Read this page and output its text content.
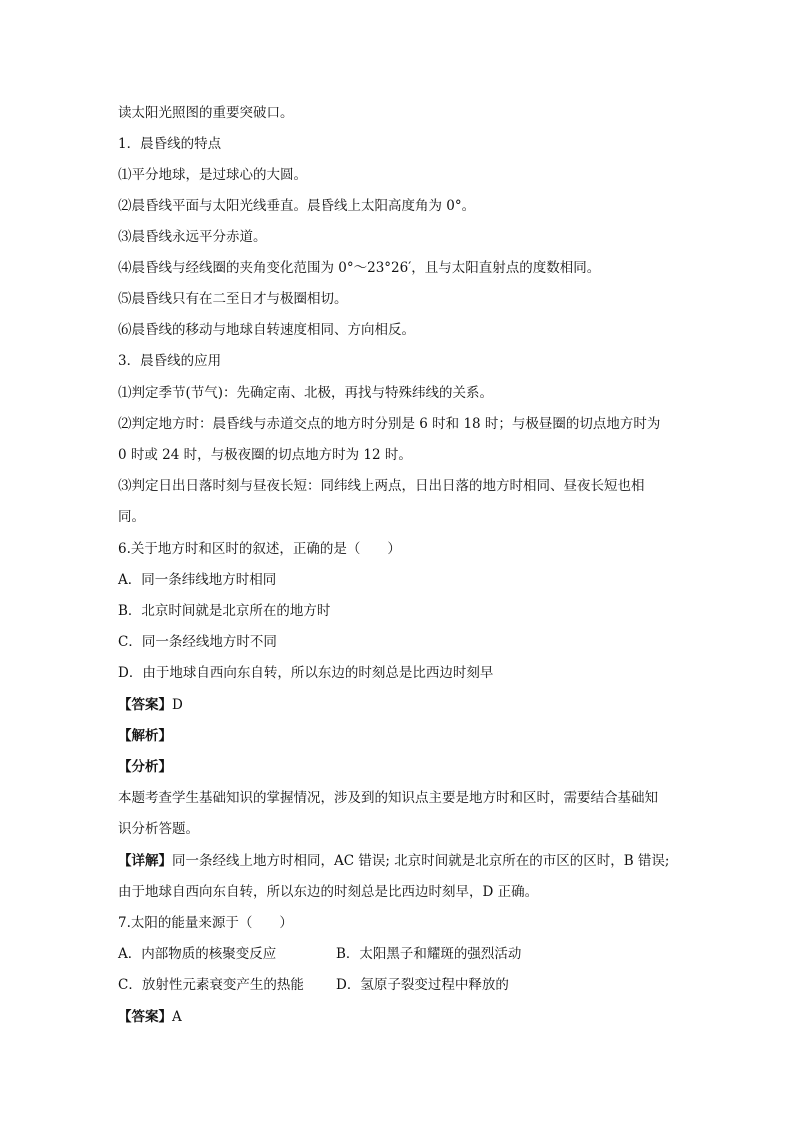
读太阳光照图的重要突破口。
1．晨昏线的特点
⑴平分地球，是过球心的大圆。
⑵晨昏线平面与太阳光线垂直。晨昏线上太阳高度角为 0°。
⑶晨昏线永远平分赤道。
⑷晨昏线与经线圈的夹角变化范围为 0°～23°26′，且与太阳直射点的度数相同。
⑸晨昏线只有在二至日才与极圈相切。
⑹晨昏线的移动与地球自转速度相同、方向相反。
3．晨昏线的应用
⑴判定季节(节气)：先确定南、北极，再找与特殊纬线的关系。
⑵判定地方时：晨昏线与赤道交点的地方时分别是 6 时和 18 时；与极昼圈的切点地方时为
0 时或 24 时，与极夜圈的切点地方时为 12 时。
⑶判定日出日落时刻与昼夜长短：同纬线上两点，日出日落的地方时相同、昼夜长短也相
同。
6.关于地方时和区时的叙述，正确的是（　　）
A．同一条纬线地方时相同
B．北京时间就是北京所在的地方时
C．同一条经线地方时不同
D．由于地球自西向东自转，所以东边的时刻总是比西边时刻早
【答案】D
【解析】
【分析】
本题考查学生基础知识的掌握情况，涉及到的知识点主要是地方时和区时，需要结合基础知
识分析答题。
【详解】同一条经线上地方时相同，AC 错误; 北京时间就是北京所在的市区的区时，B 错误;
由于地球自西向东自转，所以东边的时刻总是比西边时刻早，D 正确。
7.太阳的能量来源于（　　）
A．内部物质的核聚变反应	B．太阳黑子和耀斑的强烈活动
C．放射性元素衰变产生的热能 D．氢原子裂变过程中释放的
【答案】A
